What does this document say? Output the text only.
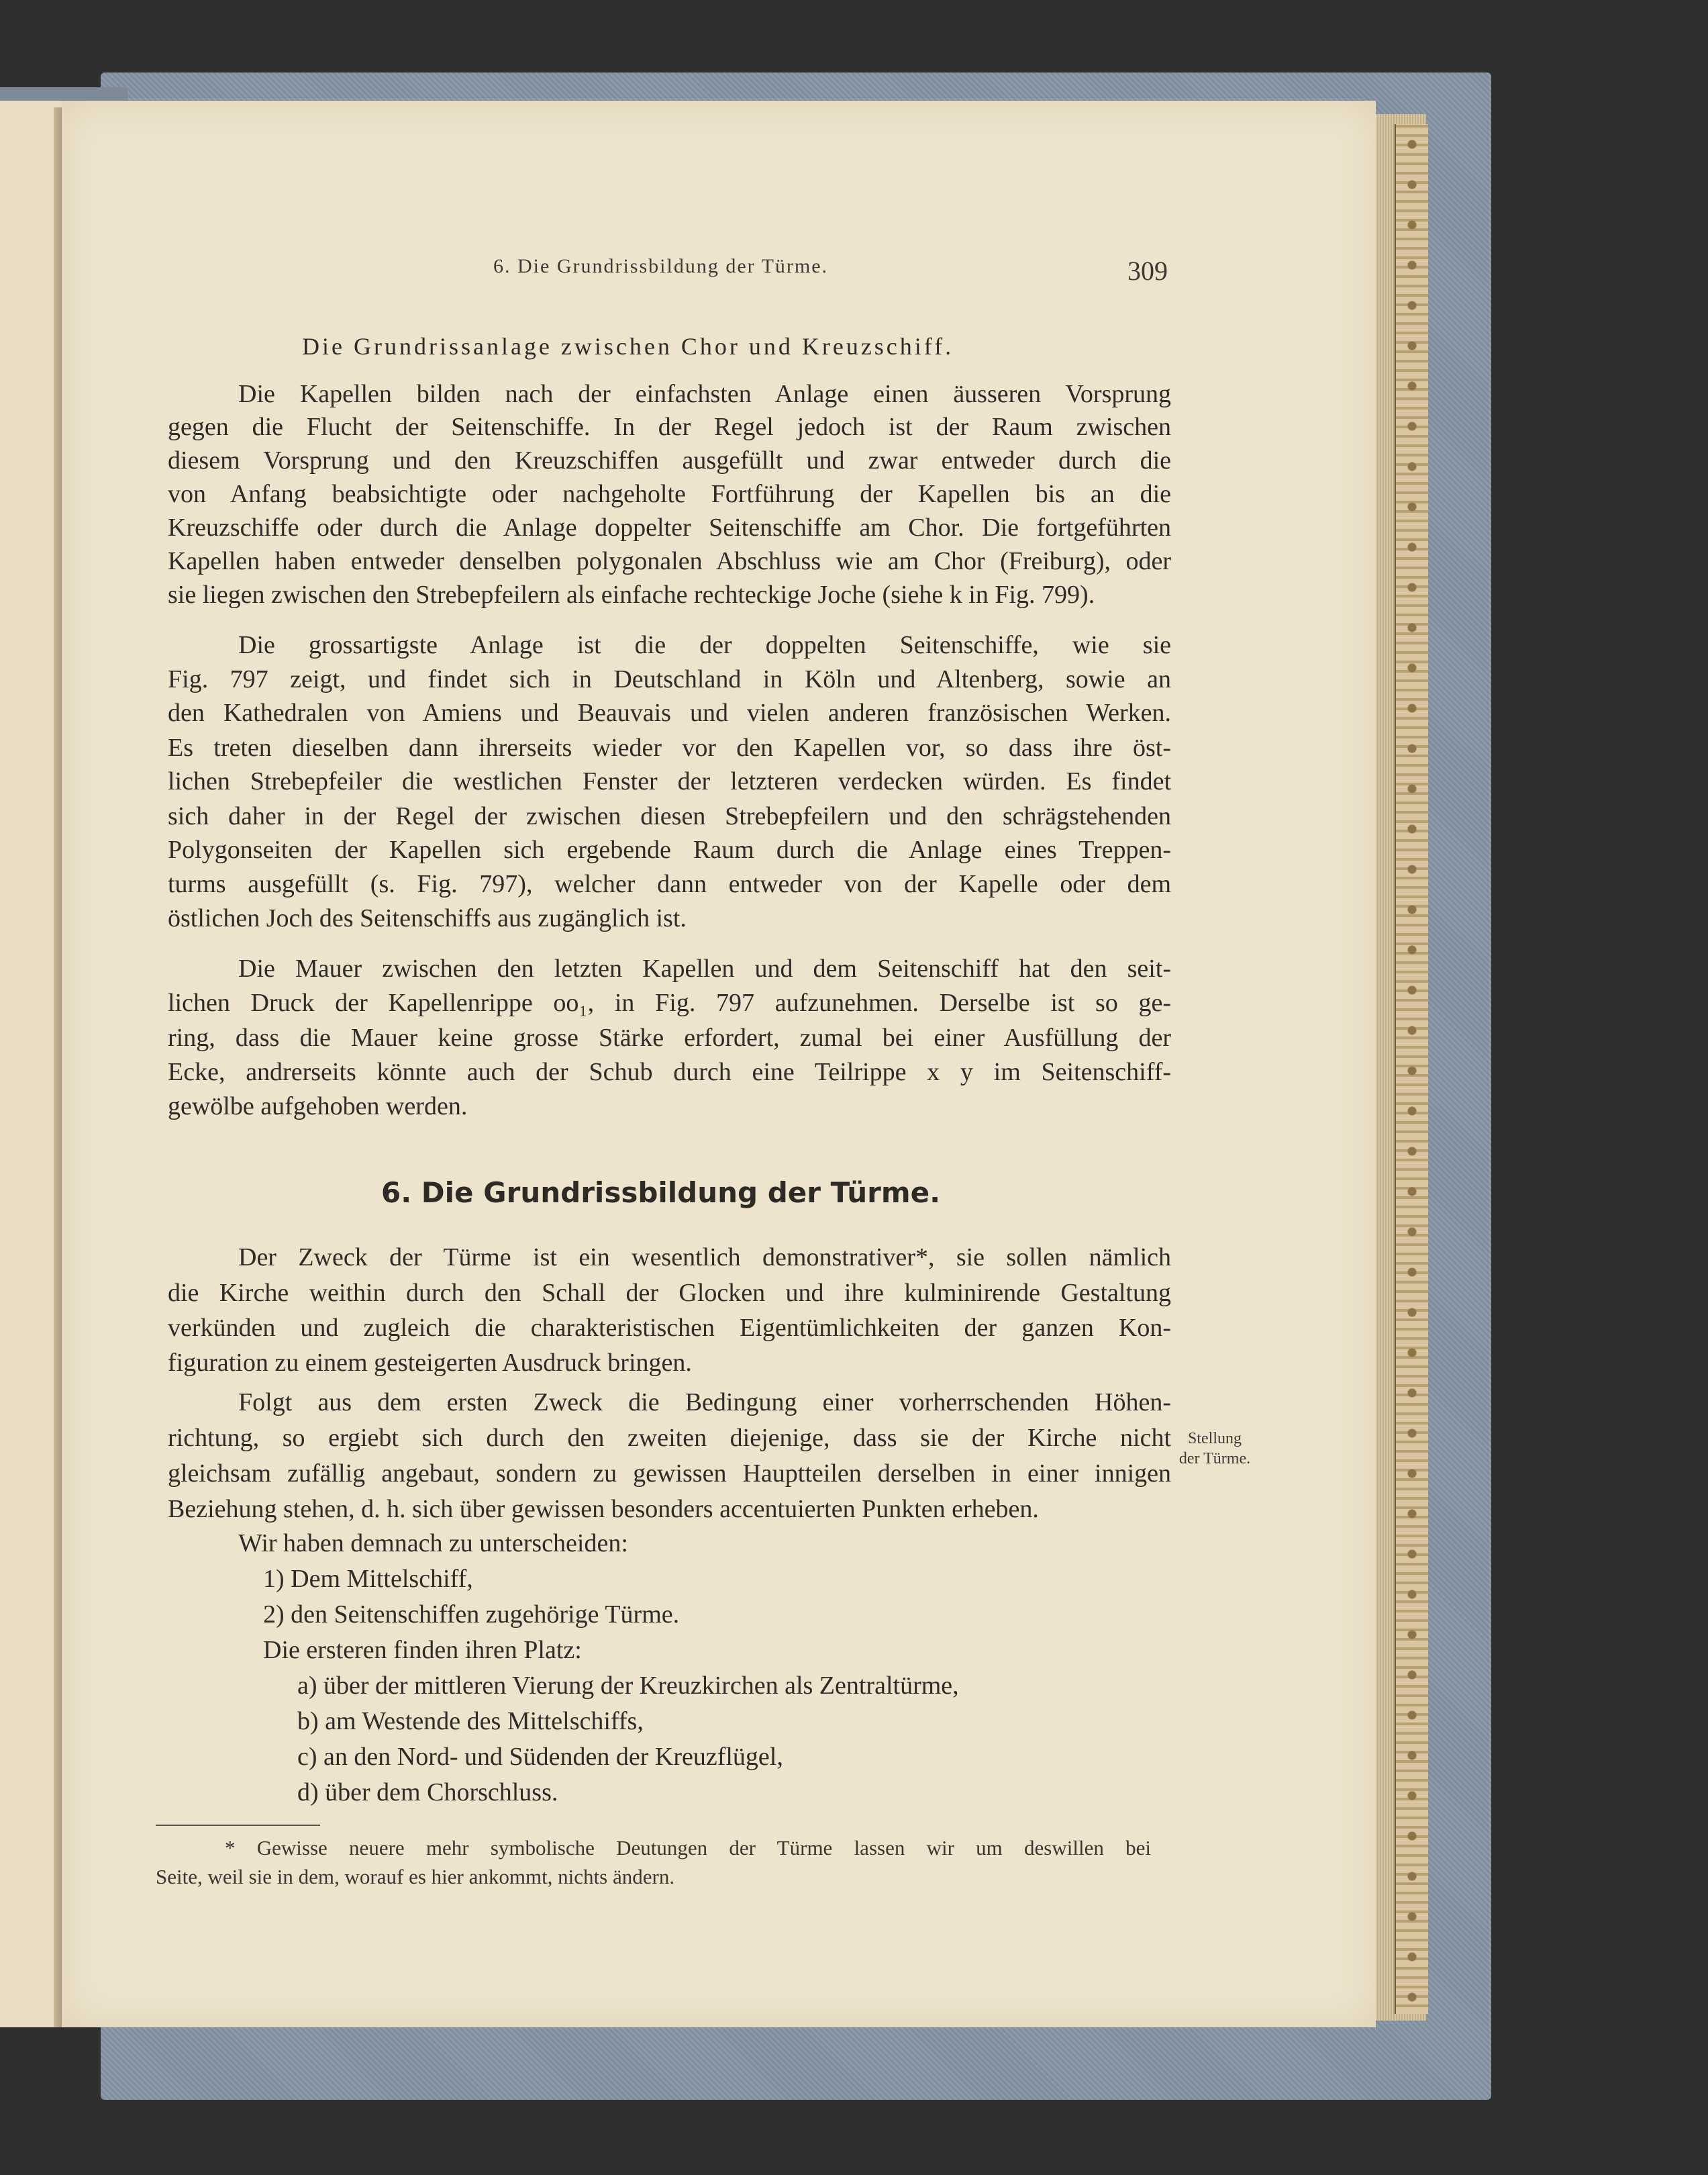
6. Die Grundrissbildung der Türme.	309
Die Grundrissanlage zwischen Chor und Kreuzschiff.
Die Kapellen bilden nach der einfachsten Anlage einen äusseren Vorsprung
gegen die Flucht der Seitenschiffe. In der Regel jedoch ist der Raum zwischen
diesem Vorsprung und den Kreuzschiffen ausgefüllt und zwar entweder durch die
von Anfang beabsichtigte oder nachgeholte Fortführung der Kapellen bis an die
Kreuzschiffe oder durch die Anlage doppelter Seitenschiffe am Chor. Die fortgeführten
Kapellen haben entweder denselben polygonalen Abschluss wie am Chor (Freiburg), oder
sie liegen zwischen den Strebepfeilern als einfache rechteckige Joche (siehe k in Fig. 799).
Die grossartigste Anlage ist die der doppelten Seitenschiffe, wie sie
Fig. 797 zeigt, und findet sich in Deutschland in Köln und Altenberg, sowie an
den Kathedralen von Amiens und Beauvais und vielen anderen französischen Werken.
Es treten dieselben dann ihrerseits wieder vor den Kapellen vor, so dass ihre öst-
lichen Strebepfeiler die westlichen Fenster der letzteren verdecken würden. Es findet
sich daher in der Regel der zwischen diesen Strebepfeilern und den schrägstehenden
Polygonseiten der Kapellen sich ergebende Raum durch die Anlage eines Treppen-
turms ausgefüllt (s. Fig. 797), welcher dann entweder von der Kapelle oder dem
östlichen Joch des Seitenschiffs aus zugänglich ist.
Die Mauer zwischen den letzten Kapellen und dem Seitenschiff hat den seit-
lichen Druck der Kapellenrippe oo₁, in Fig. 797 aufzunehmen. Derselbe ist so ge-
ring, dass die Mauer keine grosse Stärke erfordert, zumal bei einer Ausfüllung der
Ecke, andrerseits könnte auch der Schub durch eine Teilrippe x y im Seitenschiff-
gewölbe aufgehoben werden.
6. Die Grundrissbildung der Türme.
Der Zweck der Türme ist ein wesentlich demonstrativer*, sie sollen nämlich
die Kirche weithin durch den Schall der Glocken und ihre kulminirende Gestaltung
verkünden und zugleich die charakteristischen Eigentümlichkeiten der ganzen Kon-
figuration zu einem gesteigerten Ausdruck bringen.
Folgt aus dem ersten Zweck die Bedingung einer vorherrschenden Höhen-
richtung, so ergiebt sich durch den zweiten diejenige, dass sie der Kirche nicht
gleichsam zufällig angebaut, sondern zu gewissen Hauptteilen derselben in einer innigen
Beziehung stehen, d. h. sich über gewissen besonders accentuierten Punkten erheben.
Stellung
der Türme.
Wir haben demnach zu unterscheiden:
1) Dem Mittelschiff,
2) den Seitenschiffen zugehörige Türme.
Die ersteren finden ihren Platz:
a) über der mittleren Vierung der Kreuzkirchen als Zentraltürme,
b) am Westende des Mittelschiffs,
c) an den Nord- und Südenden der Kreuzflügel,
d) über dem Chorschluss.
* Gewisse neuere mehr symbolische Deutungen der Türme lassen wir um deswillen bei
Seite, weil sie in dem, worauf es hier ankommt, nichts ändern.
